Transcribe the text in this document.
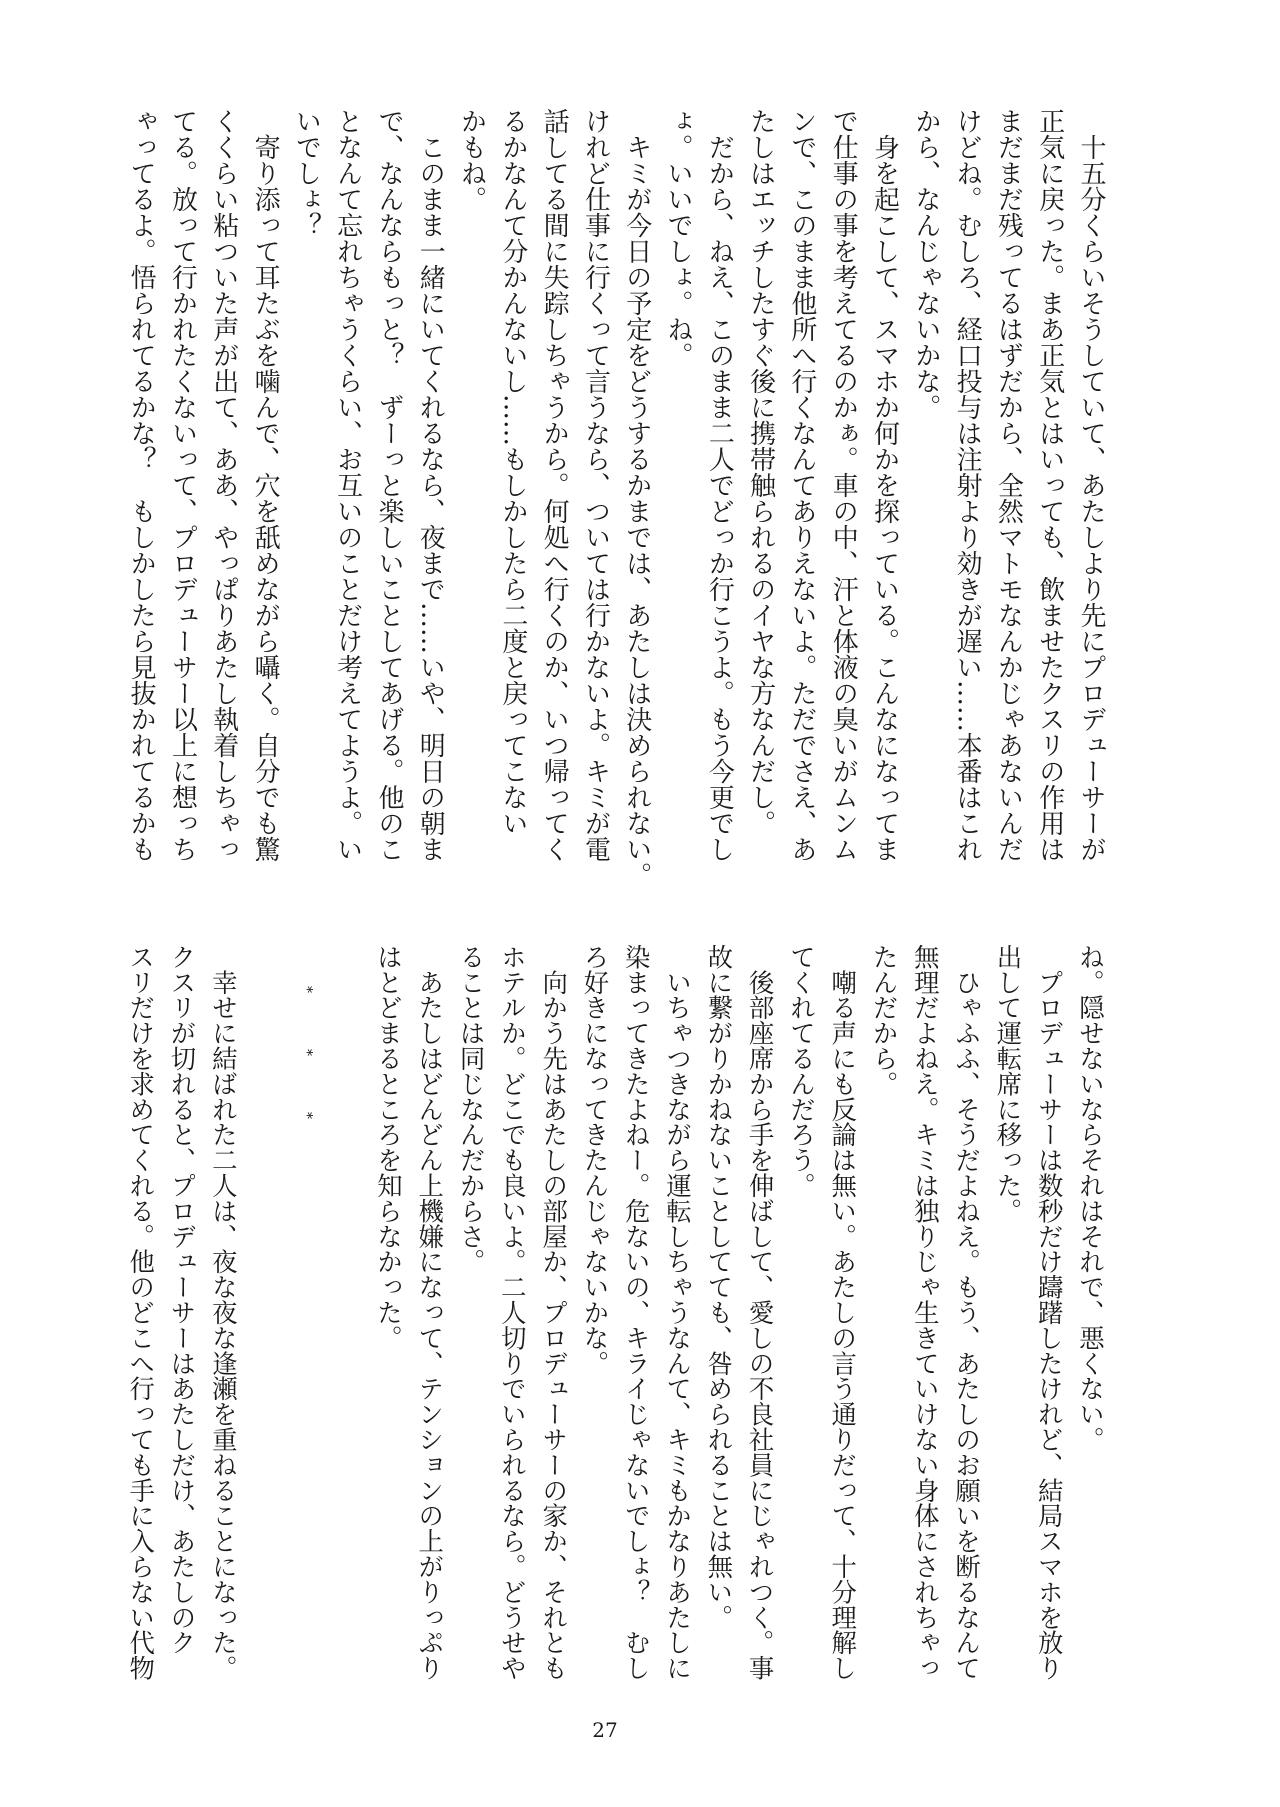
　十五分くらいそうしていて、あたしより先にプロデューサーが
正気に戻った。まあ正気とはいっても、飲ませたクスリの作用は
まだまだ残ってるはずだから、全然マトモなんかじゃあないんだ
けどね。むしろ、経口投与は注射より効きが遅い……本番はこれ
から、なんじゃないかな。
　身を起こして、スマホか何かを探っている。こんなになってま
で仕事の事を考えてるのかぁ。車の中、汗と体液の臭いがムンム
ンで、このまま他所へ行くなんてありえないよ。ただでさえ、あ
たしはエッチしたすぐ後に携帯触られるのイヤな方なんだし。
　だから、ねえ、このまま二人でどっか行こうよ。もう今更でし
ょ。いいでしょ。ね。
　キミが今日の予定をどうするかまでは、あたしは決められない。
けれど仕事に行くって言うなら、ついては行かないよ。キミが電
話してる間に失踪しちゃうから。何処へ行くのか、いつ帰ってく
るかなんて分かんないし……もしかしたら二度と戻ってこない
かもね。
　このまま一緒にいてくれるなら、夜まで……いや、明日の朝ま
で、なんならもっと？　ずーっと楽しいことしてあげる。他のこ
となんて忘れちゃうくらい、お互いのことだけ考えてようよ。い
いでしょ？
　寄り添って耳たぶを噛んで、穴を舐めながら囁く。自分でも驚
くくらい粘ついた声が出て、ああ、やっぱりあたし執着しちゃっ
てる。放って行かれたくないって、プロデューサー以上に想っち
ゃってるよ。悟られてるかな？　もしかしたら見抜かれてるかも
ね。隠せないならそれはそれで、悪くない。
　プロデューサーは数秒だけ躊躇したけれど、結局スマホを放り
出して運転席に移った。
　ひゃふふ、そうだよねえ。もう、あたしのお願いを断るなんて
無理だよねえ。キミは独りじゃ生きていけない身体にされちゃっ
たんだから。
　嘲る声にも反論は無い。あたしの言う通りだって、十分理解し
てくれてるんだろう。
　後部座席から手を伸ばして、愛しの不良社員にじゃれつく。事
故に繋がりかねないことしてても、咎められることは無い。
　いちゃつきながら運転しちゃうなんて、キミもかなりあたしに
染まってきたよねー。危ないの、キライじゃないでしょ？　むし
ろ好きになってきたんじゃないかな。
　向かう先はあたしの部屋か、プロデューサーの家か、それとも
ホテルか。どこでも良いよ。二人切りでいられるなら。どうせや
ることは同じなんだからさ。
　あたしはどんどん上機嫌になって、テンションの上がりっぷり
はとどまるところを知らなかった。
***
　幸せに結ばれた二人は、夜な夜な逢瀬を重ねることになった。
クスリが切れると、プロデューサーはあたしだけ、あたしのク
スリだけを求めてくれる。他のどこへ行っても手に入らない代物
27
